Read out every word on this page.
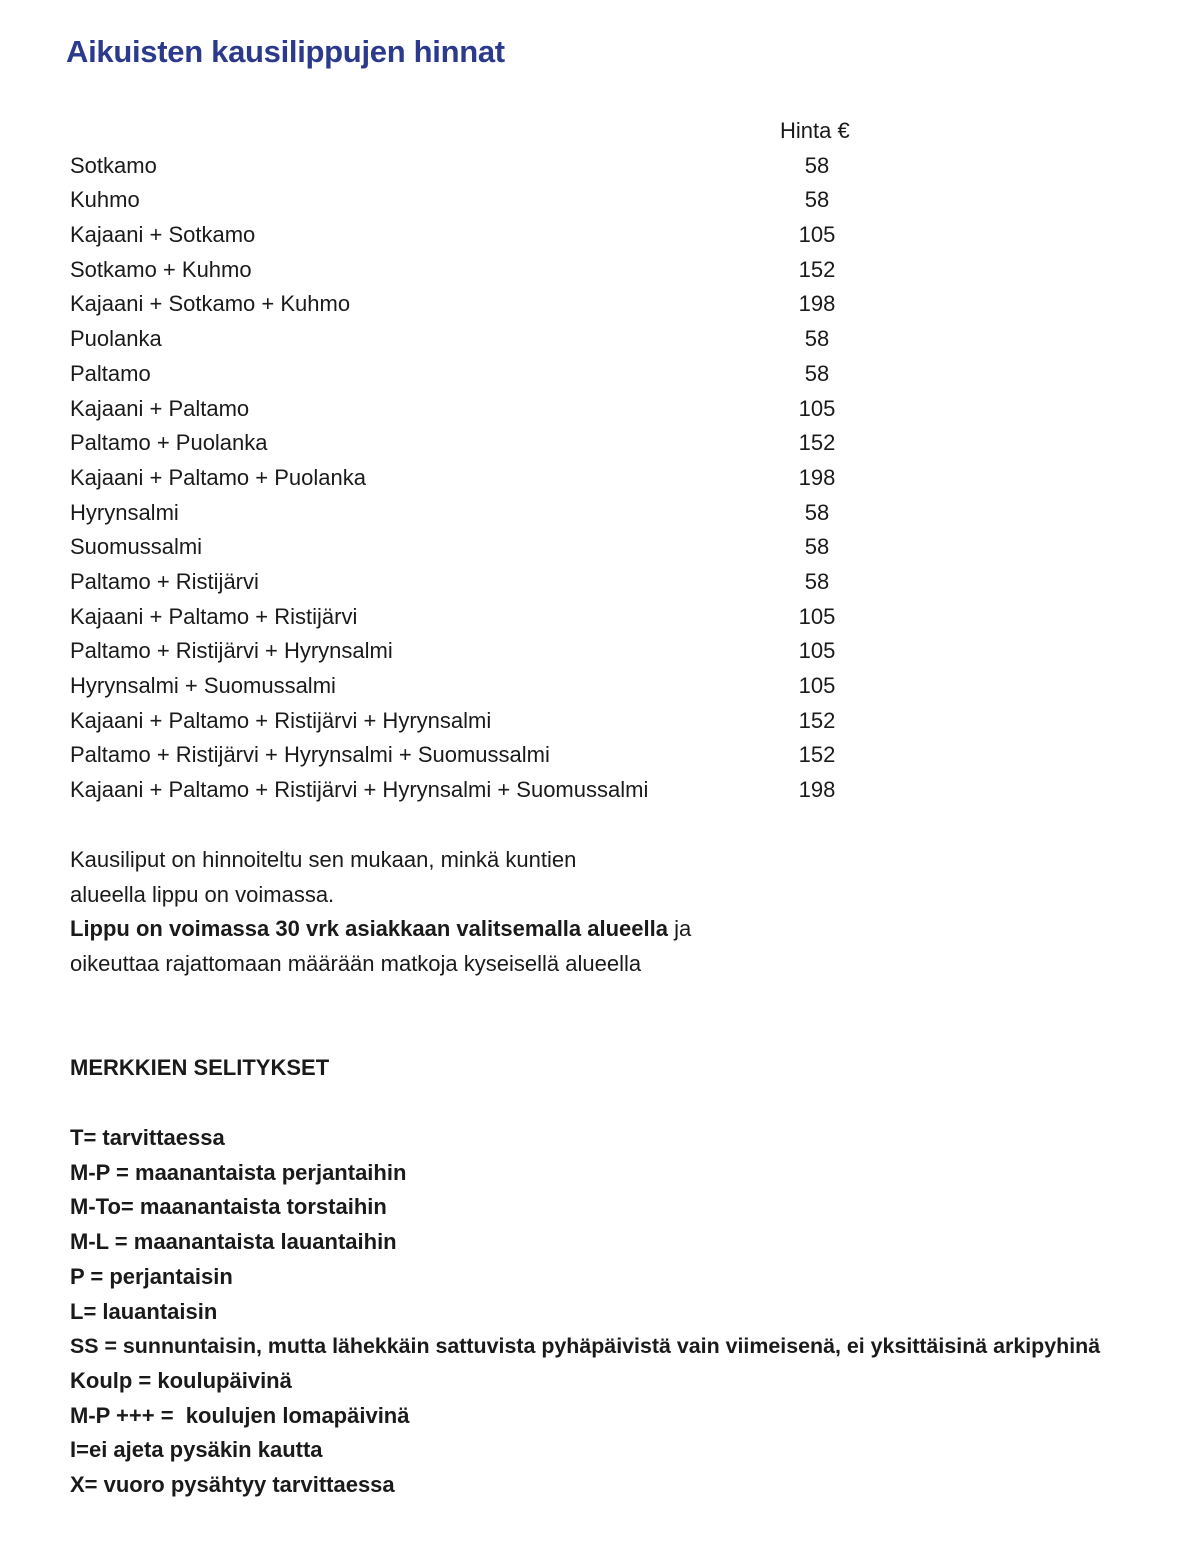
Aikuisten kausilippujen hinnat
Hinta €
Sotkamo	58
Kuhmo	58
Kajaani + Sotkamo	105
Sotkamo + Kuhmo	152
Kajaani + Sotkamo + Kuhmo	198
Puolanka	58
Paltamo	58
Kajaani + Paltamo	105
Paltamo + Puolanka	152
Kajaani + Paltamo + Puolanka	198
Hyrynsalmi	58
Suomussalmi	58
Paltamo + Ristijärvi	58
Kajaani + Paltamo + Ristijärvi	105
Paltamo + Ristijärvi + Hyrynsalmi	105
Hyrynsalmi + Suomussalmi	105
Kajaani + Paltamo + Ristijärvi + Hyrynsalmi	152
Paltamo + Ristijärvi + Hyrynsalmi + Suomussalmi	152
Kajaani + Paltamo + Ristijärvi + Hyrynsalmi + Suomussalmi	198

Kausiliput on hinnoiteltu sen mukaan, minkä kuntien

alueella lippu on voimassa.

Lippu on voimassa 30 vrk asiakkaan valitsemalla alueella ja

oikeuttaa rajattomaan määrään matkoja kyseisellä alueella

MERKKIEN SELITYKSET
T= tarvittaessa
M-P = maanantaista perjantaihin
M-To= maanantaista torstaihin
M-L = maanantaista lauantaihin
P = perjantaisin
L= lauantaisin
SS = sunnuntaisin, mutta lähekkäin sattuvista pyhäpäivistä vain viimeisenä, ei yksittäisinä arkipyhinä
Koulp = koulupäivinä
M-P +++ =  koulujen lomapäivinä
I=ei ajeta pysäkin kautta
X= vuoro pysähtyy tarvittaessa
